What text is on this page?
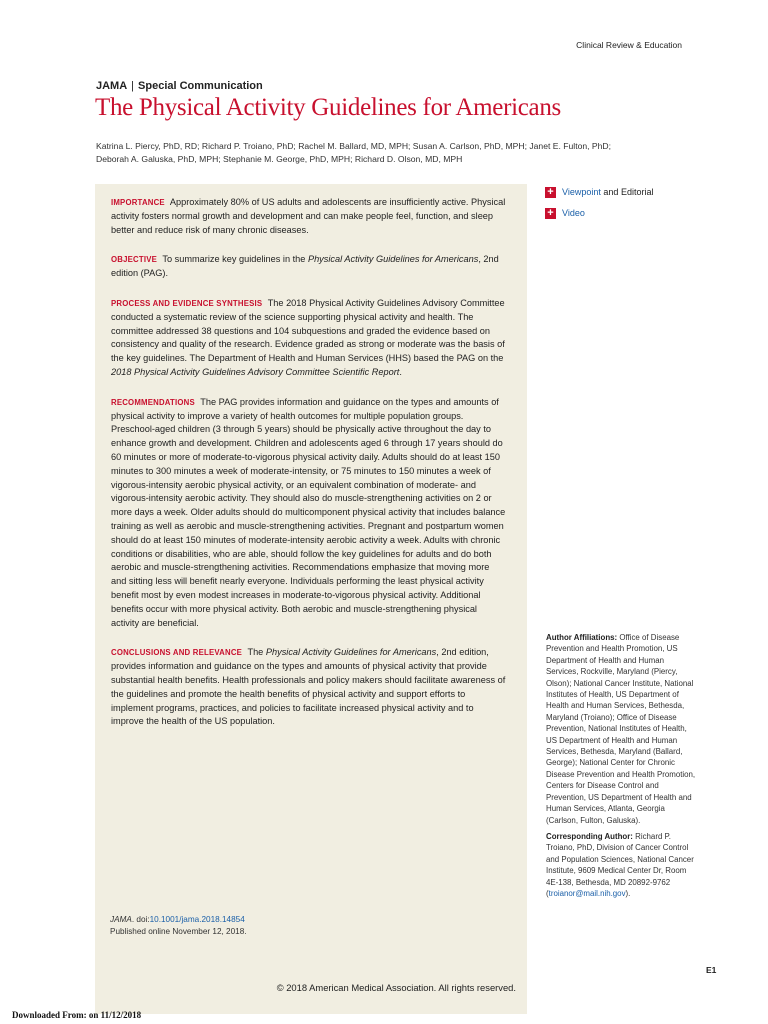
Clinical Review & Education
JAMA | Special Communication
The Physical Activity Guidelines for Americans
Katrina L. Piercy, PhD, RD; Richard P. Troiano, PhD; Rachel M. Ballard, MD, MPH; Susan A. Carlson, PhD, MPH; Janet E. Fulton, PhD;
Deborah A. Galuska, PhD, MPH; Stephanie M. George, PhD, MPH; Richard D. Olson, MD, MPH

IMPORTANCE Approximately 80% of US adults and adolescents are insufficiently active. Physical activity fosters normal growth and development and can make people feel, function, and sleep better and reduce risk of many chronic diseases.

OBJECTIVE To summarize key guidelines in the Physical Activity Guidelines for Americans, 2nd edition (PAG).

PROCESS AND EVIDENCE SYNTHESIS The 2018 Physical Activity Guidelines Advisory Committee conducted a systematic review of the science supporting physical activity and health. The committee addressed 38 questions and 104 subquestions and graded the evidence based on consistency and quality of the research. Evidence graded as strong or moderate was the basis of the key guidelines. The Department of Health and Human Services (HHS) based the PAG on the 2018 Physical Activity Guidelines Advisory Committee Scientific Report.

RECOMMENDATIONS The PAG provides information and guidance on the types and amounts of physical activity to improve a variety of health outcomes for multiple population groups. Preschool-aged children (3 through 5 years) should be physically active throughout the day to enhance growth and development. Children and adolescents aged 6 through 17 years should do 60 minutes or more of moderate-to-vigorous physical activity daily. Adults should do at least 150 minutes to 300 minutes a week of moderate-intensity, or 75 minutes to 150 minutes a week of vigorous-intensity aerobic physical activity, or an equivalent combination of moderate- and vigorous-intensity aerobic activity. They should also do muscle-strengthening activities on 2 or more days a week. Older adults should do multicomponent physical activity that includes balance training as well as aerobic and muscle-strengthening activities. Pregnant and postpartum women should do at least 150 minutes of moderate-intensity aerobic activity a week. Adults with chronic conditions or disabilities, who are able, should follow the key guidelines for adults and do both aerobic and muscle-strengthening activities. Recommendations emphasize that moving more and sitting less will benefit nearly everyone. Individuals performing the least physical activity benefit most by even modest increases in moderate-to-vigorous physical activity. Additional benefits occur with more physical activity. Both aerobic and muscle-strengthening physical activity are beneficial.

CONCLUSIONS AND RELEVANCE The Physical Activity Guidelines for Americans, 2nd edition, provides information and guidance on the types and amounts of physical activity that provide substantial health benefits. Health professionals and policy makers should facilitate awareness of the guidelines and promote the health benefits of physical activity and support efforts to implement programs, practices, and policies to facilitate increased physical activity and to improve the health of the US population.

JAMA. doi:10.1001/jama.2018.14854
Published online November 12, 2018.
© 2018 American Medical Association. All rights reserved.
+ Viewpoint and Editorial
+ Video

Author Affiliations: Office of Disease Prevention and Health Promotion, US Department of Health and Human Services, Rockville, Maryland (Piercy, Olson); National Cancer Institute, National Institutes of Health, US Department of Health and Human Services, Bethesda, Maryland (Troiano); Office of Disease Prevention, National Institutes of Health, US Department of Health and Human Services, Bethesda, Maryland (Ballard, George); National Center for Chronic Disease Prevention and Health Promotion, Centers for Disease Control and Prevention, US Department of Health and Human Services, Atlanta, Georgia (Carlson, Fulton, Galuska).

Corresponding Author: Richard P. Troiano, PhD, Division of Cancer Control and Population Sciences, National Cancer Institute, 9609 Medical Center Dr, Room 4E-138, Bethesda, MD 20892-9762 (troianor@mail.nih.gov).

E1
Downloaded From: on 11/12/2018
